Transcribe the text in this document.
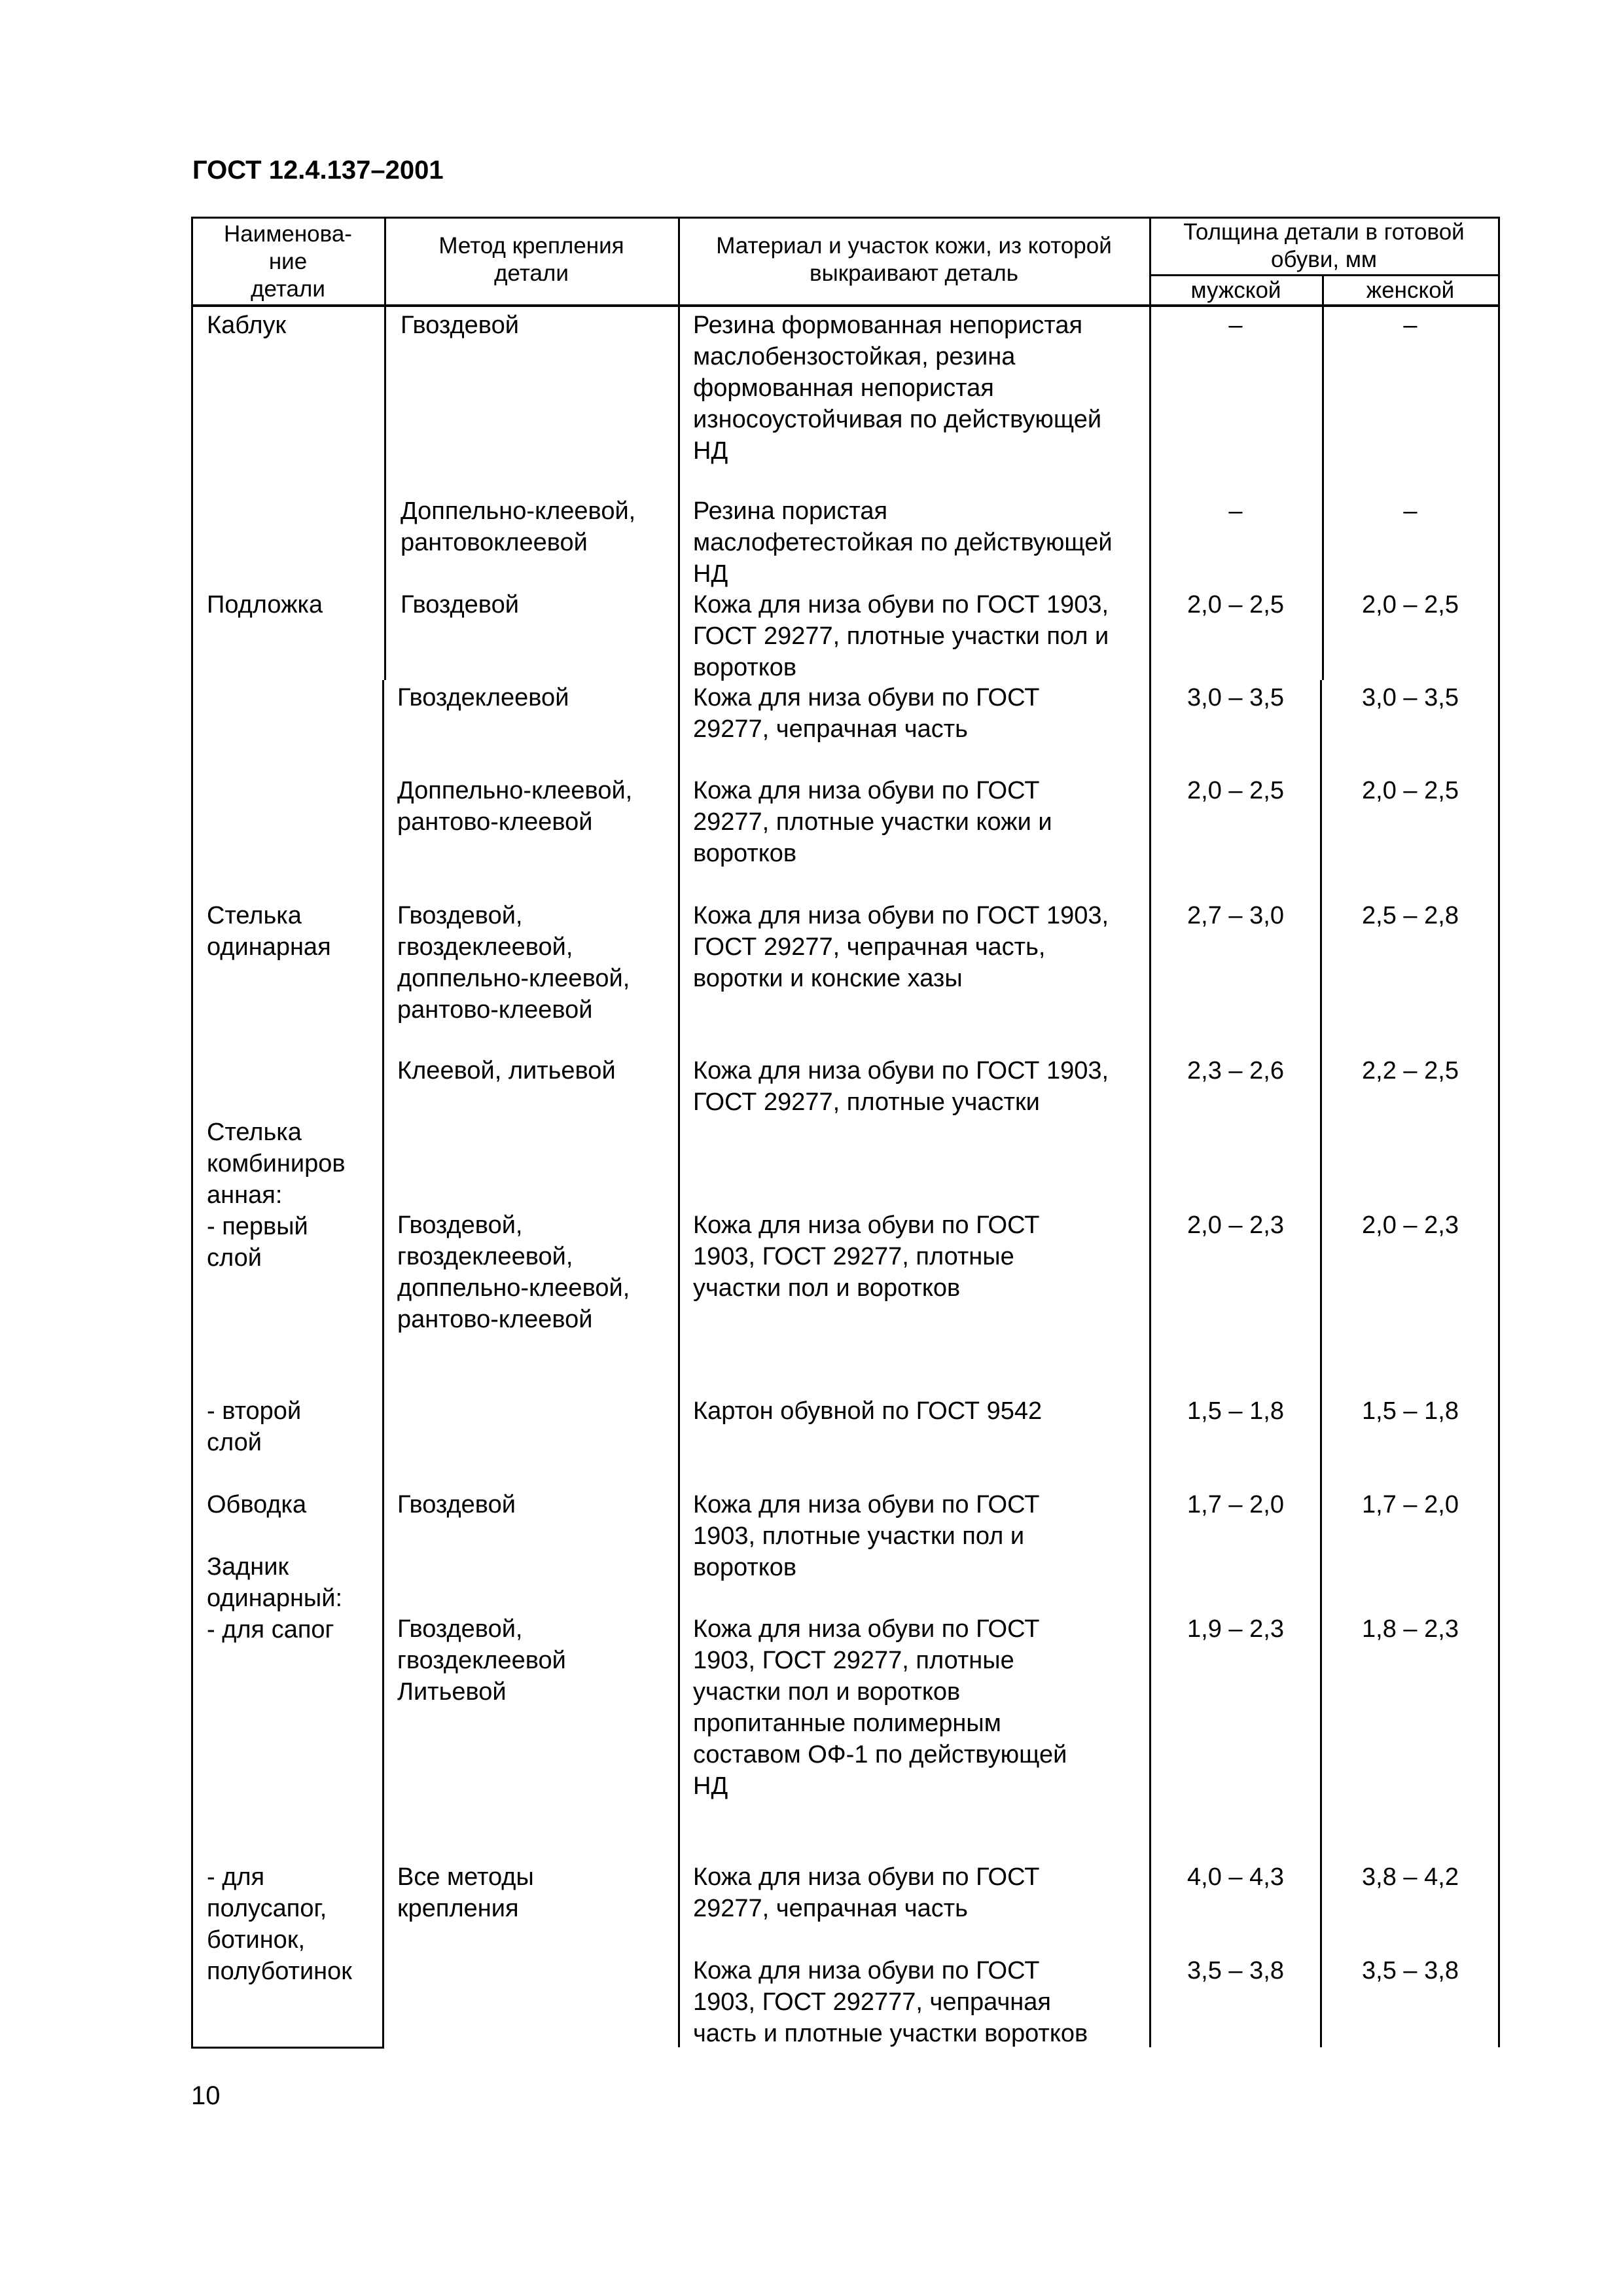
ГОСТ 12.4.137–2001
Наименова-
ние
детали
Метод крепления
детали
Материал и участок кожи, из которой
выкраивают деталь
Толщина детали в готовой
обуви, мм
мужской	женской
Каблук
Подложка
Стелька
одинарная
Стелька
комбиниров
анная:
- первый
слой
- второй
слой
Обводка
Задник
одинарный:
- для сапог
- для
полусапог,
ботинок,
полуботинок
Гвоздевой
Доппельно-клеевой,
рантовоклеевой
Гвоздевой
Гвоздеклеевой
Доппельно-клеевой,
рантово-клеевой
Гвоздевой,
гвоздеклеевой,
доппельно-клеевой,
рантово-клеевой
Клеевой, литьевой
Гвоздевой,
гвоздеклеевой,
доппельно-клеевой,
рантово-клеевой
Гвоздевой
Гвоздевой,
гвоздеклеевой
Литьевой
Все методы
крепления
Резина формованная непористая
маслобензостойкая, резина
формованная непористая
износоустойчивая по действующей
НД
Резина пористая
маслофетестойкая по действующей
НД
Кожа для низа обуви по ГОСТ 1903,
ГОСТ 29277, плотные участки пол и
воротков
Кожа для низа обуви по ГОСТ
29277, чепрачная часть
Кожа для низа обуви по ГОСТ
29277, плотные участки кожи и
воротков
Кожа для низа обуви по ГОСТ 1903,
ГОСТ 29277, чепрачная часть,
воротки и конские хазы
Кожа для низа обуви по ГОСТ 1903,
ГОСТ 29277, плотные участки
Кожа для низа обуви по ГОСТ
1903, ГОСТ 29277, плотные
участки пол и воротков
Картон обувной по ГОСТ 9542
Кожа для низа обуви по ГОСТ
1903, плотные участки пол и
воротков
Кожа для низа обуви по ГОСТ
1903, ГОСТ 29277, плотные
участки пол и воротков
пропитанные полимерным
составом ОФ-1 по действующей
НД
Кожа для низа обуви по ГОСТ
29277, чепрачная часть
Кожа для низа обуви по ГОСТ
1903, ГОСТ 292777, чепрачная
часть и плотные участки воротков
–
–
2,0 – 2,5
3,0 – 3,5
2,0 – 2,5
2,7 – 3,0
2,3 – 2,6
2,0 – 2,3
1,5 – 1,8
1,7 – 2,0
1,9 – 2,3
4,0 – 4,3
3,5 – 3,8
–
–
2,0 – 2,5
3,0 – 3,5
2,0 – 2,5
2,5 – 2,8
2,2 – 2,5
2,0 – 2,3
1,5 – 1,8
1,7 – 2,0
1,8 – 2,3
3,8 – 4,2
3,5 – 3,8
10
